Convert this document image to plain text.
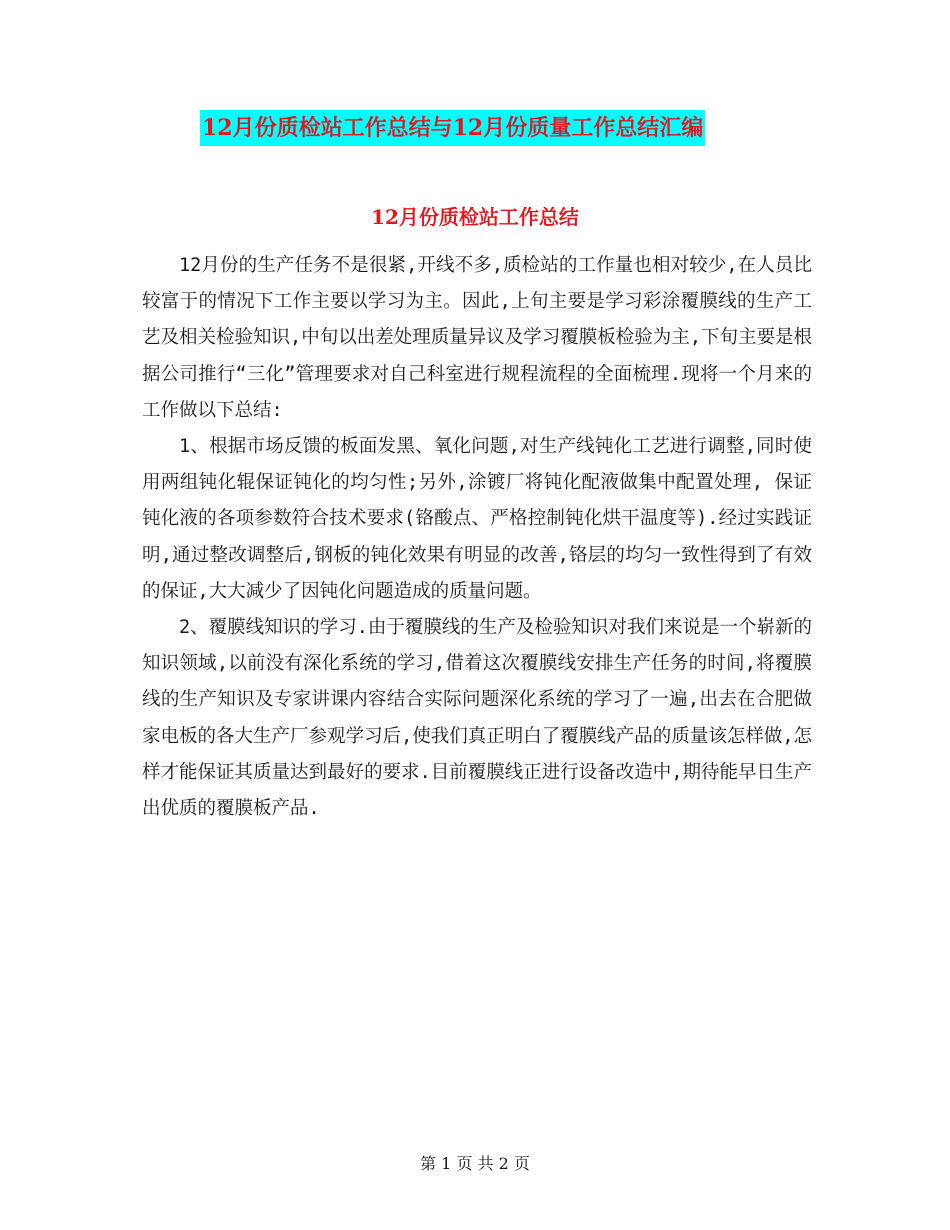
12月份质检站工作总结与12月份质量工作总结汇编
12月份质检站工作总结

12月份的生产任务不是很紧,开线不多,质检站的工作量也相对较少,在人员比较富于的情况下工作主要以学习为主。因此,上旬主要是学习彩涂覆膜线的生产工艺及相关检验知识,中旬以出差处理质量异议及学习覆膜板检验为主,下旬主要是根据公司推行“三化”管理要求对自己科室进行规程流程的全面梳理.现将一个月来的工作做以下总结:

1、根据市场反馈的板面发黑、氧化问题,对生产线钝化工艺进行调整,同时使用两组钝化辊保证钝化的均匀性;另外,涂镀厂将钝化配液做集中配置处理, 保证钝化液的各项参数符合技术要求(铬酸点、严格控制钝化烘干温度等).经过实践证明,通过整改调整后,钢板的钝化效果有明显的改善,铬层的均匀一致性得到了有效的保证,大大减少了因钝化问题造成的质量问题。

2、覆膜线知识的学习.由于覆膜线的生产及检验知识对我们来说是一个崭新的知识领域,以前没有深化系统的学习,借着这次覆膜线安排生产任务的时间,将覆膜线的生产知识及专家讲课内容结合实际问题深化系统的学习了一遍,出去在合肥做家电板的各大生产厂参观学习后,使我们真正明白了覆膜线产品的质量该怎样做,怎样才能保证其质量达到最好的要求.目前覆膜线正进行设备改造中,期待能早日生产出优质的覆膜板产品.

第 1 页 共 2 页
